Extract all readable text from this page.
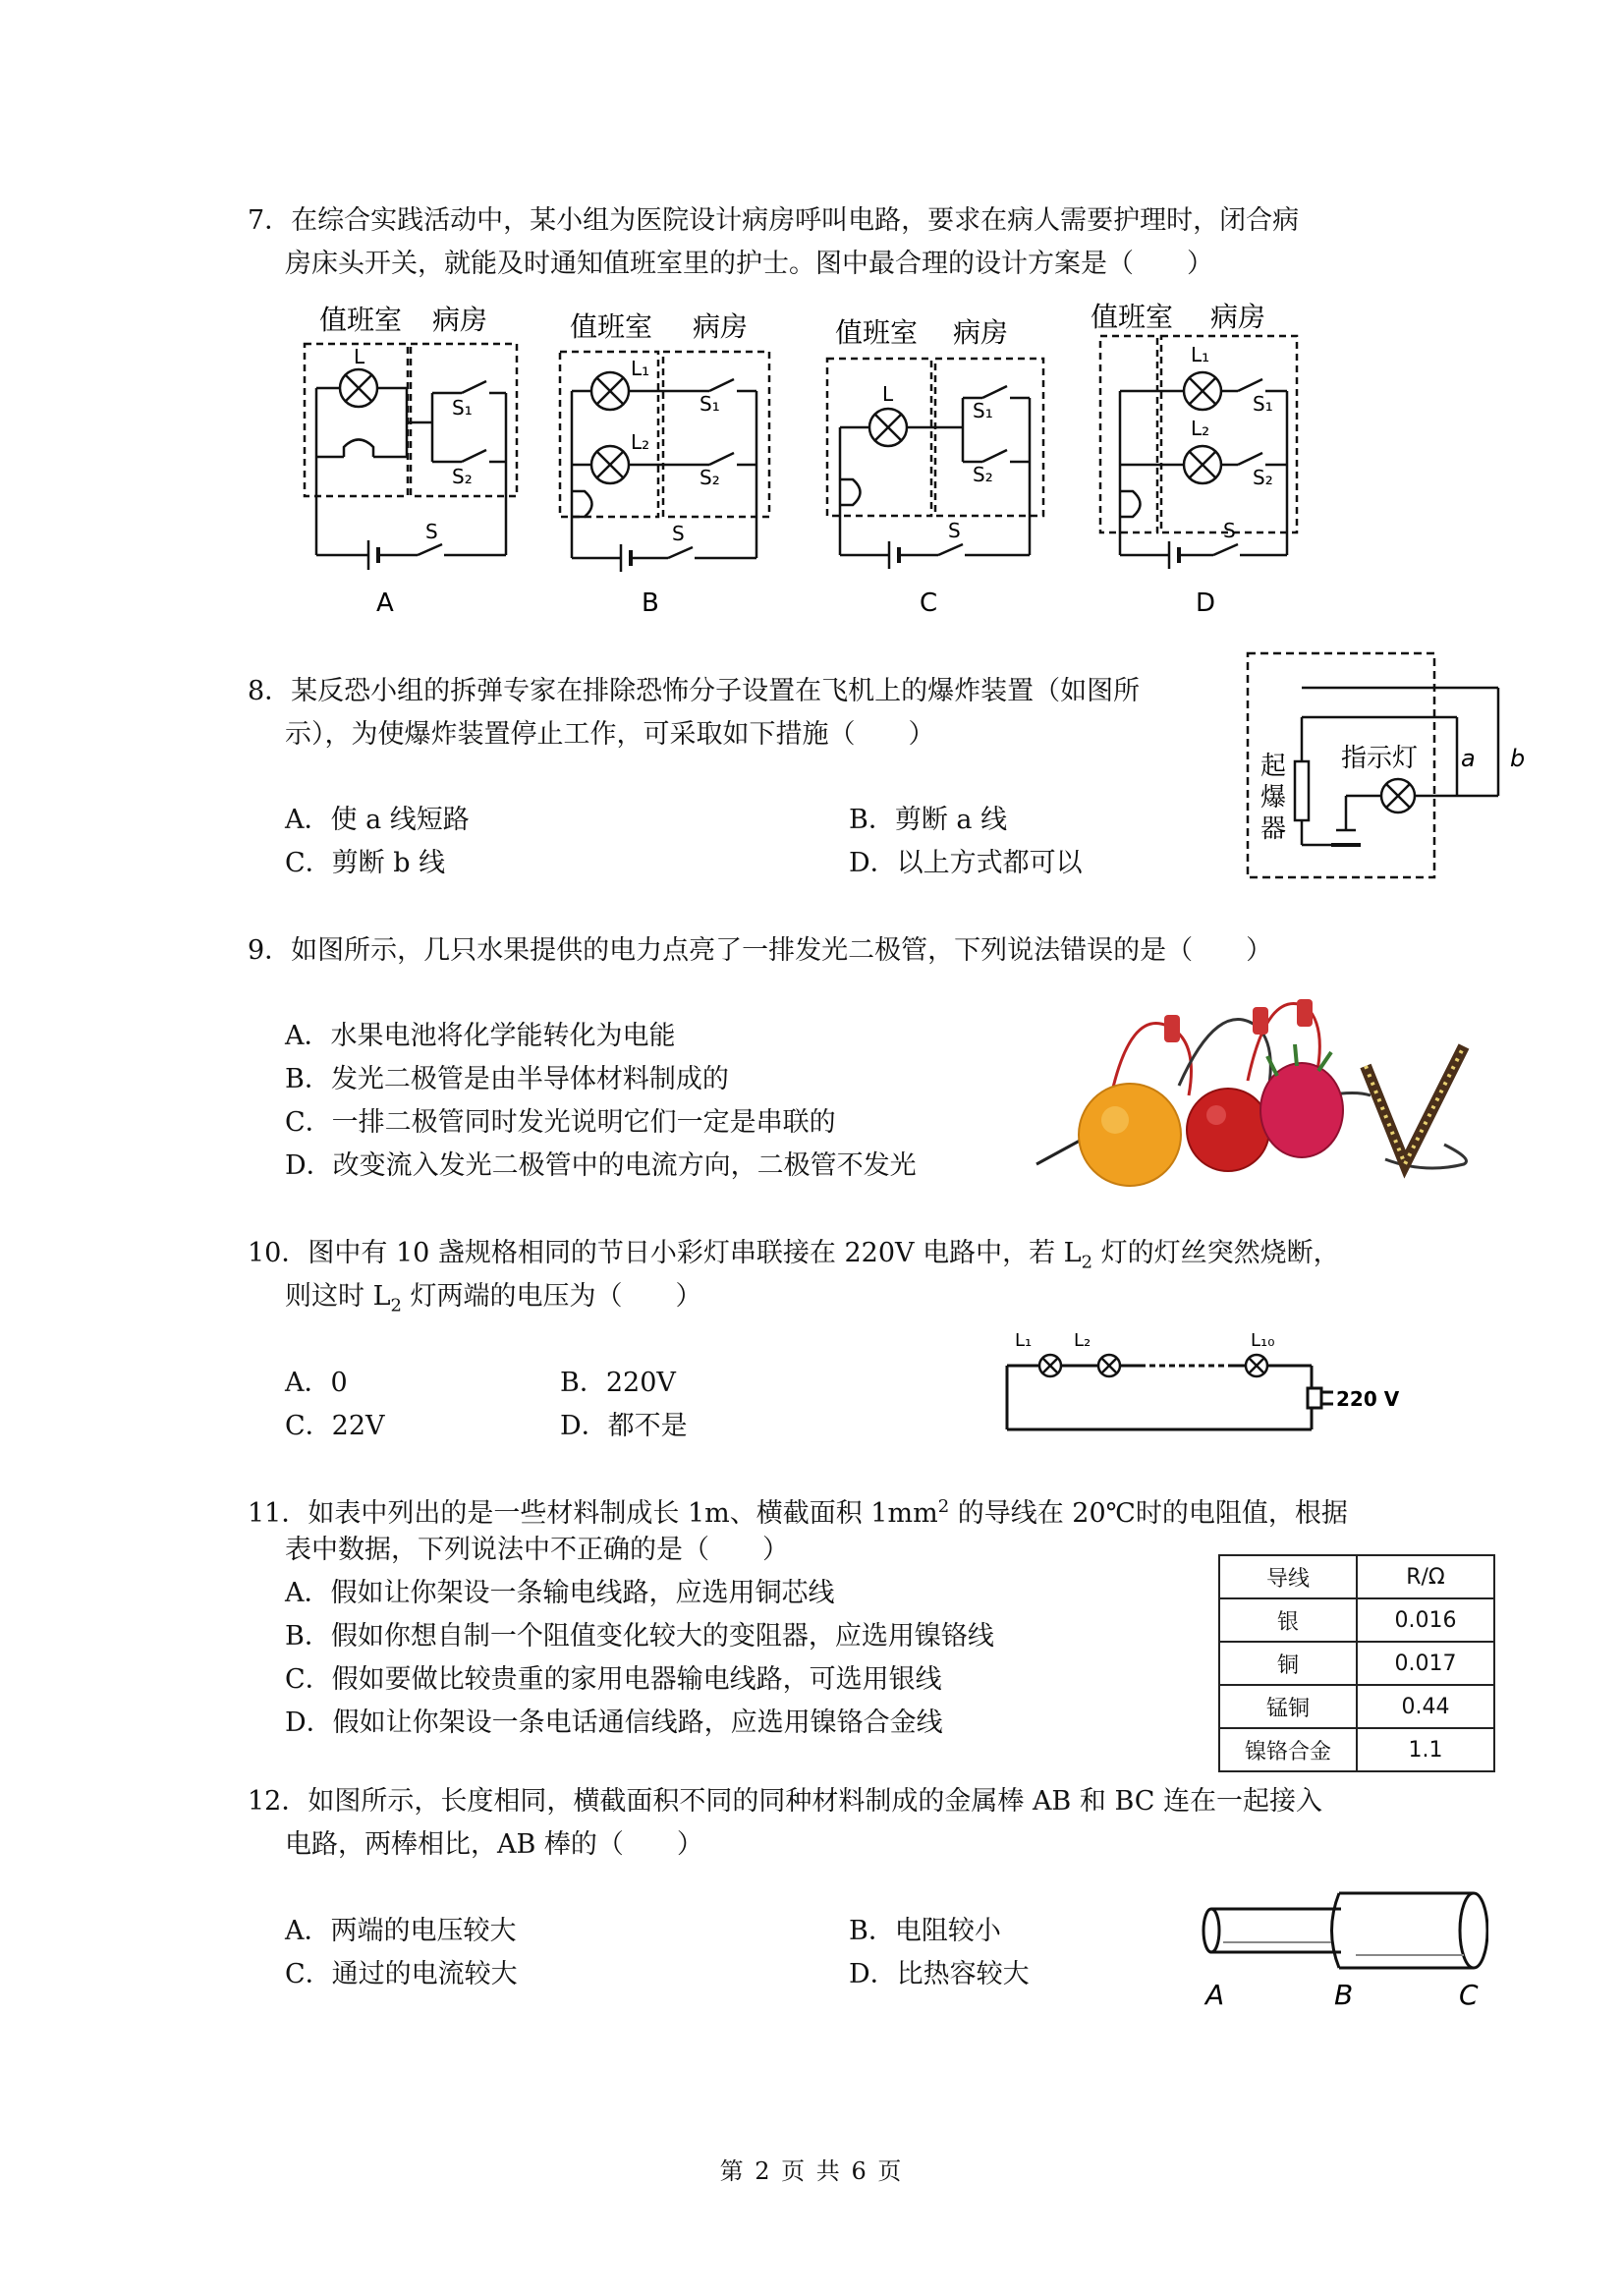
7．在综合实践活动中，某小组为医院设计病房呼叫电路，要求在病人需要护理时，闭合病
房床头开关，就能及时通知值班室里的护士。图中最合理的设计方案是（　　）
值班室 病房
L
S₁
S₂
S
A
值班室 病房
L₁
L₂
S₁
S₂
S
B
值班室 病房
L
S₁
S₂
S
C
值班室 病房
L₁
L₂
S₁
S₂
S
D
8．某反恐小组的拆弹专家在排除恐怖分子设置在飞机上的爆炸装置（如图所
示），为使爆炸装置停止工作，可采取如下措施（　　）
A．使 a 线短路	B．剪断 a 线
C．剪断 b 线	D．以上方式都可以
起
爆
器
指示灯 a b
9．如图所示，几只水果提供的电力点亮了一排发光二极管，下列说法错误的是（　　）
A．水果电池将化学能转化为电能
B．发光二极管是由半导体材料制成的
C．一排二极管同时发光说明它们一定是串联的
D．改变流入发光二极管中的电流方向，二极管不发光
10．图中有 10 盏规格相同的节日小彩灯串联接在 220V 电路中，若 $L_2$ 灯的灯丝突然烧断，
则这时 $L_2$ 灯两端的电压为（　　）
A．0	B．220V
C．22V	D．都不是
L₁ L₂	L₁₀
220 V
11．如表中列出的是一些材料制成长 1m、横截面积 $1mm^2$ 的导线在 20℃时的电阻值，根据
表中数据，下列说法中不正确的是（　　）
A．假如让你架设一条输电线路，应选用铜芯线
B．假如你想自制一个阻值变化较大的变阻器，应选用镍铬线
C．假如要做比较贵重的家用电器输电线路，可选用银线
D．假如让你架设一条电话通信线路，应选用镍铬合金线
导线	R/Ω
银	0.016
铜	0.017
锰铜	0.44
镍铬合金	1.1
12．如图所示，长度相同，横截面积不同的同种材料制成的金属棒 AB 和 BC 连在一起接入
电路，两棒相比，AB 棒的（　　）
A．两端的电压较大	B．电阻较小
C．通过的电流较大	D．比热容较大
A	B	C
第 2 页 共 6 页
